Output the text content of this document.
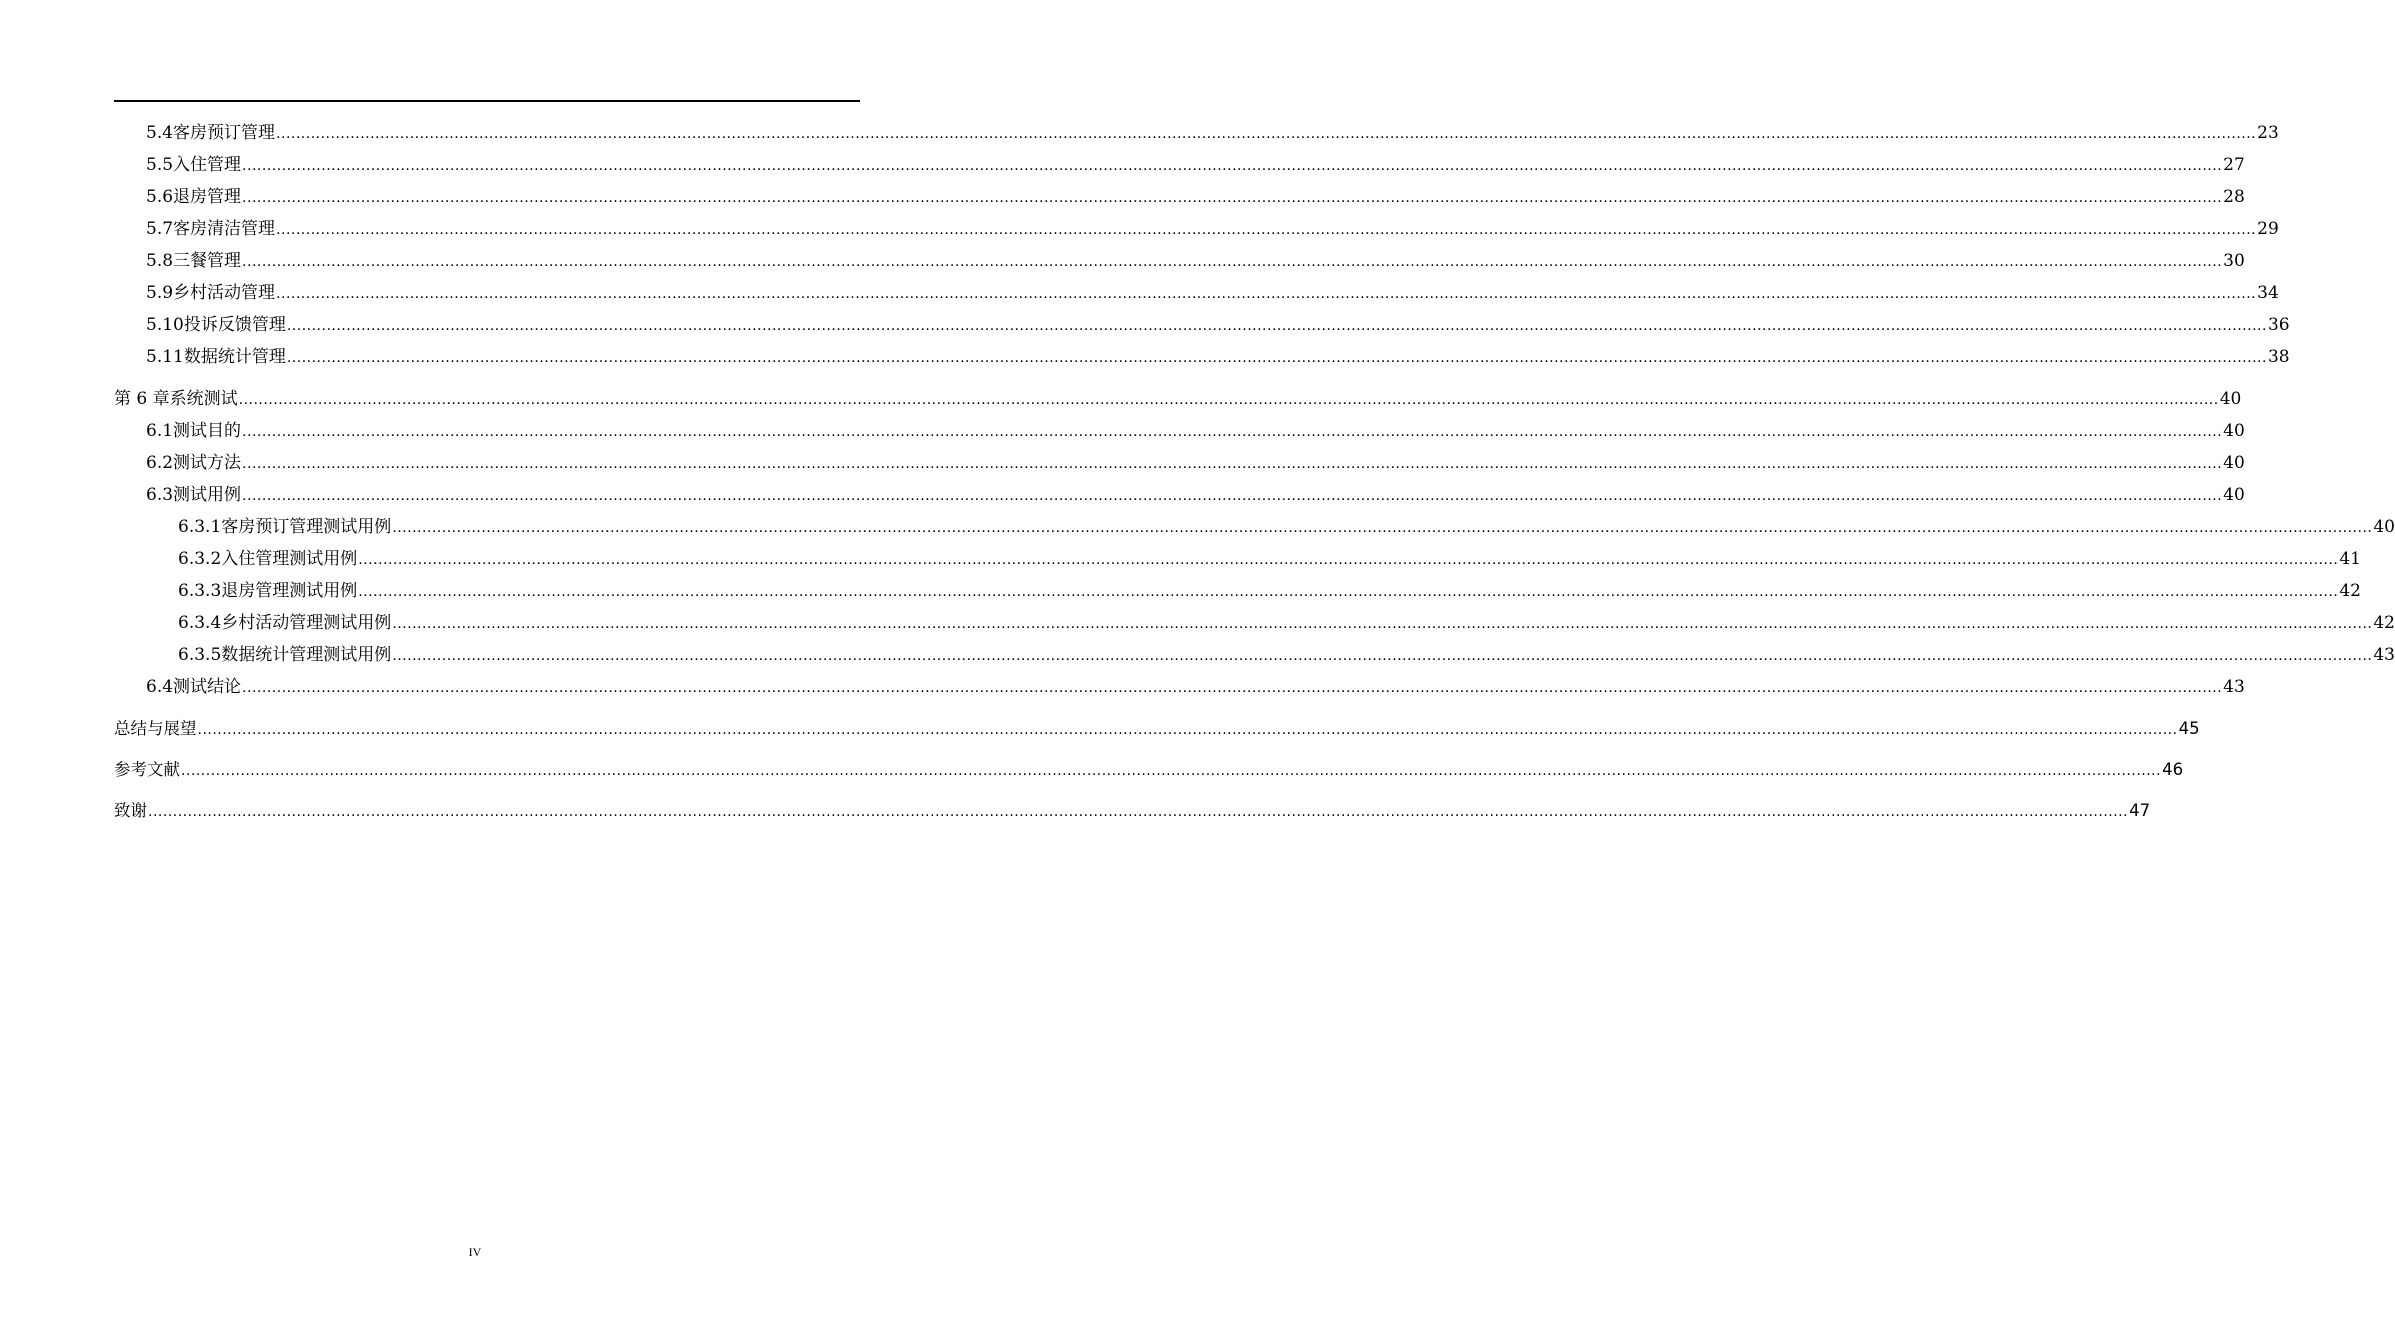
5.4 客房预订管理 ................................................................................................................................................................................................................................................................................................................................................................................................................ 23
5.5 入住管理 ................................................................................................................................................................................................................................................................................................................................................................................................................ 27
5.6 退房管理 ................................................................................................................................................................................................................................................................................................................................................................................................................ 28
5.7 客房清洁管理 ................................................................................................................................................................................................................................................................................................................................................................................................................ 29
5.8 三餐管理 ................................................................................................................................................................................................................................................................................................................................................................................................................ 30
5.9 乡村活动管理 ................................................................................................................................................................................................................................................................................................................................................................................................................ 34
5.10 投诉反馈管理 ................................................................................................................................................................................................................................................................................................................................................................................................................ 36
5.11 数据统计管理 ................................................................................................................................................................................................................................................................................................................................................................................................................ 38
第 6 章 系统测试 ................................................................................................................................................................................................................................................................................................................................................................................................................ 40
6.1 测试目的 ................................................................................................................................................................................................................................................................................................................................................................................................................ 40
6.2 测试方法 ................................................................................................................................................................................................................................................................................................................................................................................................................ 40
6.3 测试用例 ................................................................................................................................................................................................................................................................................................................................................................................................................ 40
6.3.1 客房预订管理测试用例 ................................................................................................................................................................................................................................................................................................................................................................................................................ 40
6.3.2 入住管理测试用例 ................................................................................................................................................................................................................................................................................................................................................................................................................ 41
6.3.3 退房管理测试用例 ................................................................................................................................................................................................................................................................................................................................................................................................................ 42
6.3.4 乡村活动管理测试用例 ................................................................................................................................................................................................................................................................................................................................................................................................................ 42
6.3.5 数据统计管理测试用例 ................................................................................................................................................................................................................................................................................................................................................................................................................ 43
6.4 测试结论 ................................................................................................................................................................................................................................................................................................................................................................................................................ 43
总结与展望 ................................................................................................................................................................................................................................................................................................................................................................................................................ 45
参考文献 ................................................................................................................................................................................................................................................................................................................................................................................................................ 46
致谢 ................................................................................................................................................................................................................................................................................................................................................................................................................ 47
IV
